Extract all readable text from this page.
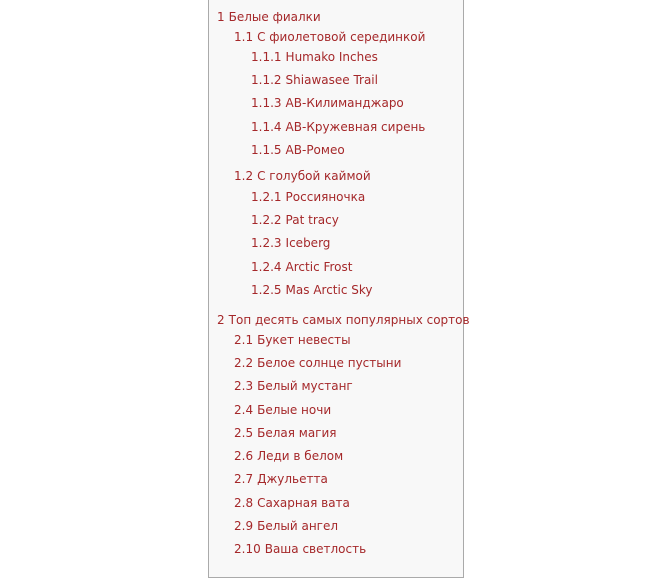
1 Белые фиалки
1.1 С фиолетовой серединкой
1.1.1 Humako Inches
1.1.2 Shiawasee Trail
1.1.3 АВ-Килиманджаро
1.1.4 АВ-Кружевная сирень
1.1.5 АВ-Ромео
1.2 С голубой каймой
1.2.1 Россияночка
1.2.2 Pat tracy
1.2.3 Iceberg
1.2.4 Arctic Frost
1.2.5 Mas Arctic Sky
2 Топ десять самых популярных сортов
2.1 Букет невесты
2.2 Белое солнце пустыни
2.3 Белый мустанг
2.4 Белые ночи
2.5 Белая магия
2.6 Леди в белом
2.7 Джульетта
2.8 Сахарная вата
2.9 Белый ангел
2.10 Ваша светлость
